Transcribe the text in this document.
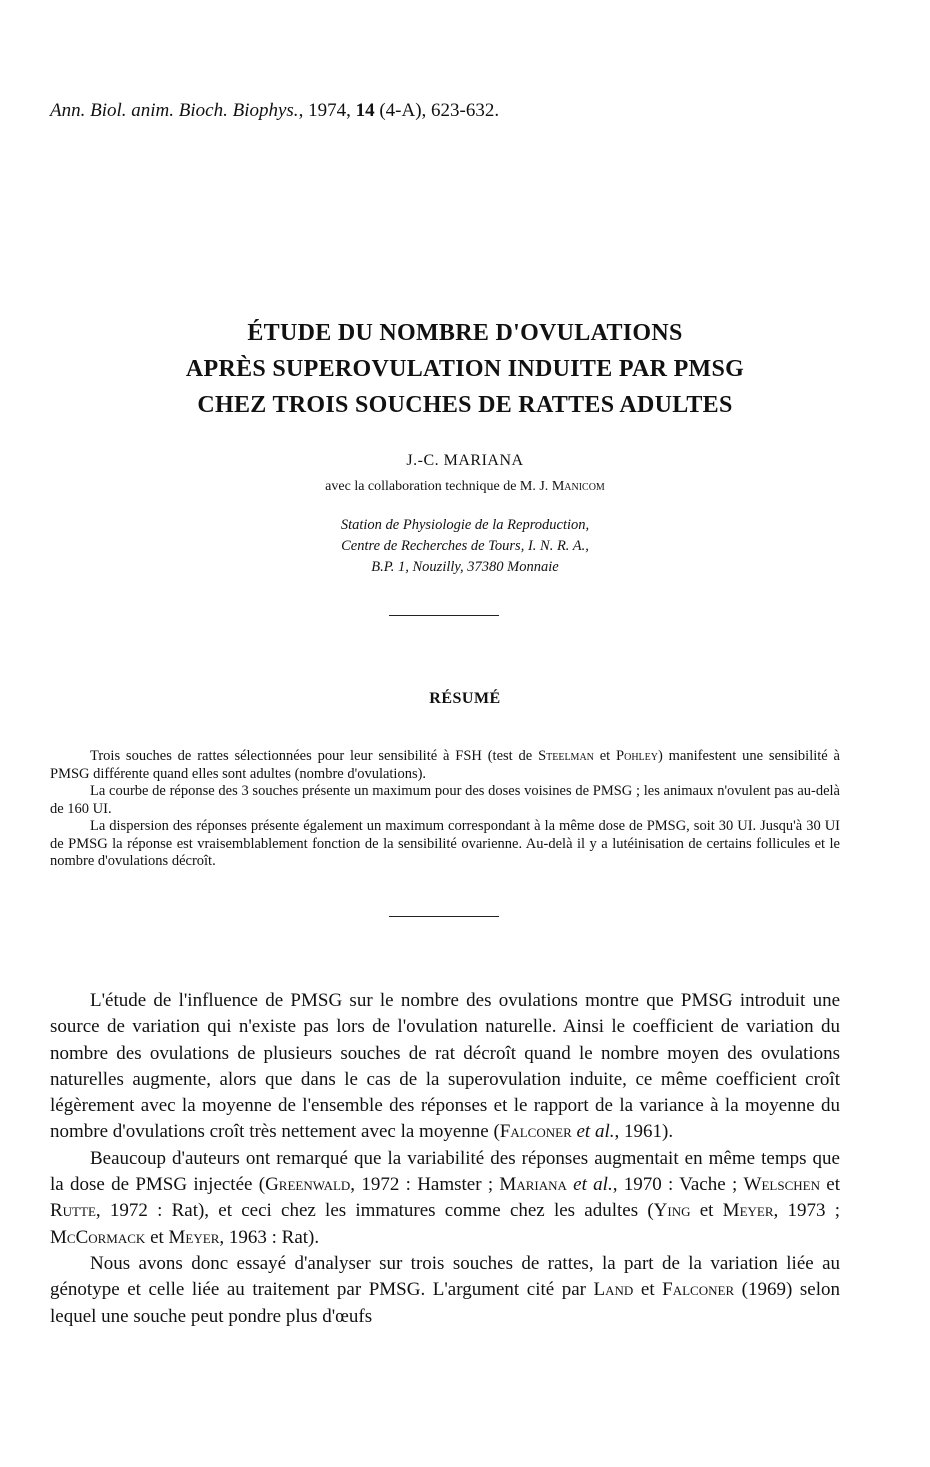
Ann. Biol. anim. Bioch. Biophys., 1974, 14 (4-A), 623-632.
ÉTUDE DU NOMBRE D'OVULATIONS
APRÈS SUPEROVULATION INDUITE PAR PMSG
CHEZ TROIS SOUCHES DE RATTES ADULTES
J.-C. MARIANA
avec la collaboration technique de M. J. Manicom
Station de Physiologie de la Reproduction,
Centre de Recherches de Tours, I. N. R. A.,
B.P. 1, Nouzilly, 37380 Monnaie
RÉSUMÉ

Trois souches de rattes sélectionnées pour leur sensibilité à FSH (test de Steelman et Pohley) manifestent une sensibilité à PMSG différente quand elles sont adultes (nombre d'ovulations).

La courbe de réponse des 3 souches présente un maximum pour des doses voisines de PMSG ; les animaux n'ovulent pas au-delà de 160 UI.

La dispersion des réponses présente également un maximum correspondant à la même dose de PMSG, soit 30 UI. Jusqu'à 30 UI de PMSG la réponse est vraisemblablement fonction de la sensibilité ovarienne. Au-delà il y a lutéinisation de certains follicules et le nombre d'ovulations décroît.

L'étude de l'influence de PMSG sur le nombre des ovulations montre que PMSG introduit une source de variation qui n'existe pas lors de l'ovulation naturelle. Ainsi le coefficient de variation du nombre des ovulations de plusieurs souches de rat décroît quand le nombre moyen des ovulations naturelles augmente, alors que dans le cas de la superovulation induite, ce même coefficient croît légèrement avec la moyenne de l'ensemble des réponses et le rapport de la variance à la moyenne du nombre d'ovulations croît très nettement avec la moyenne (Falconer et al., 1961).

Beaucoup d'auteurs ont remarqué que la variabilité des réponses augmentait en même temps que la dose de PMSG injectée (Greenwald, 1972 : Hamster ; Mariana et al., 1970 : Vache ; Welschen et Rutte, 1972 : Rat), et ceci chez les immatures comme chez les adultes (Ying et Meyer, 1973 ; McCormack et Meyer, 1963 : Rat).

Nous avons donc essayé d'analyser sur trois souches de rattes, la part de la variation liée au génotype et celle liée au traitement par PMSG. L'argument cité par Land et Falconer (1969) selon lequel une souche peut pondre plus d'œufs
